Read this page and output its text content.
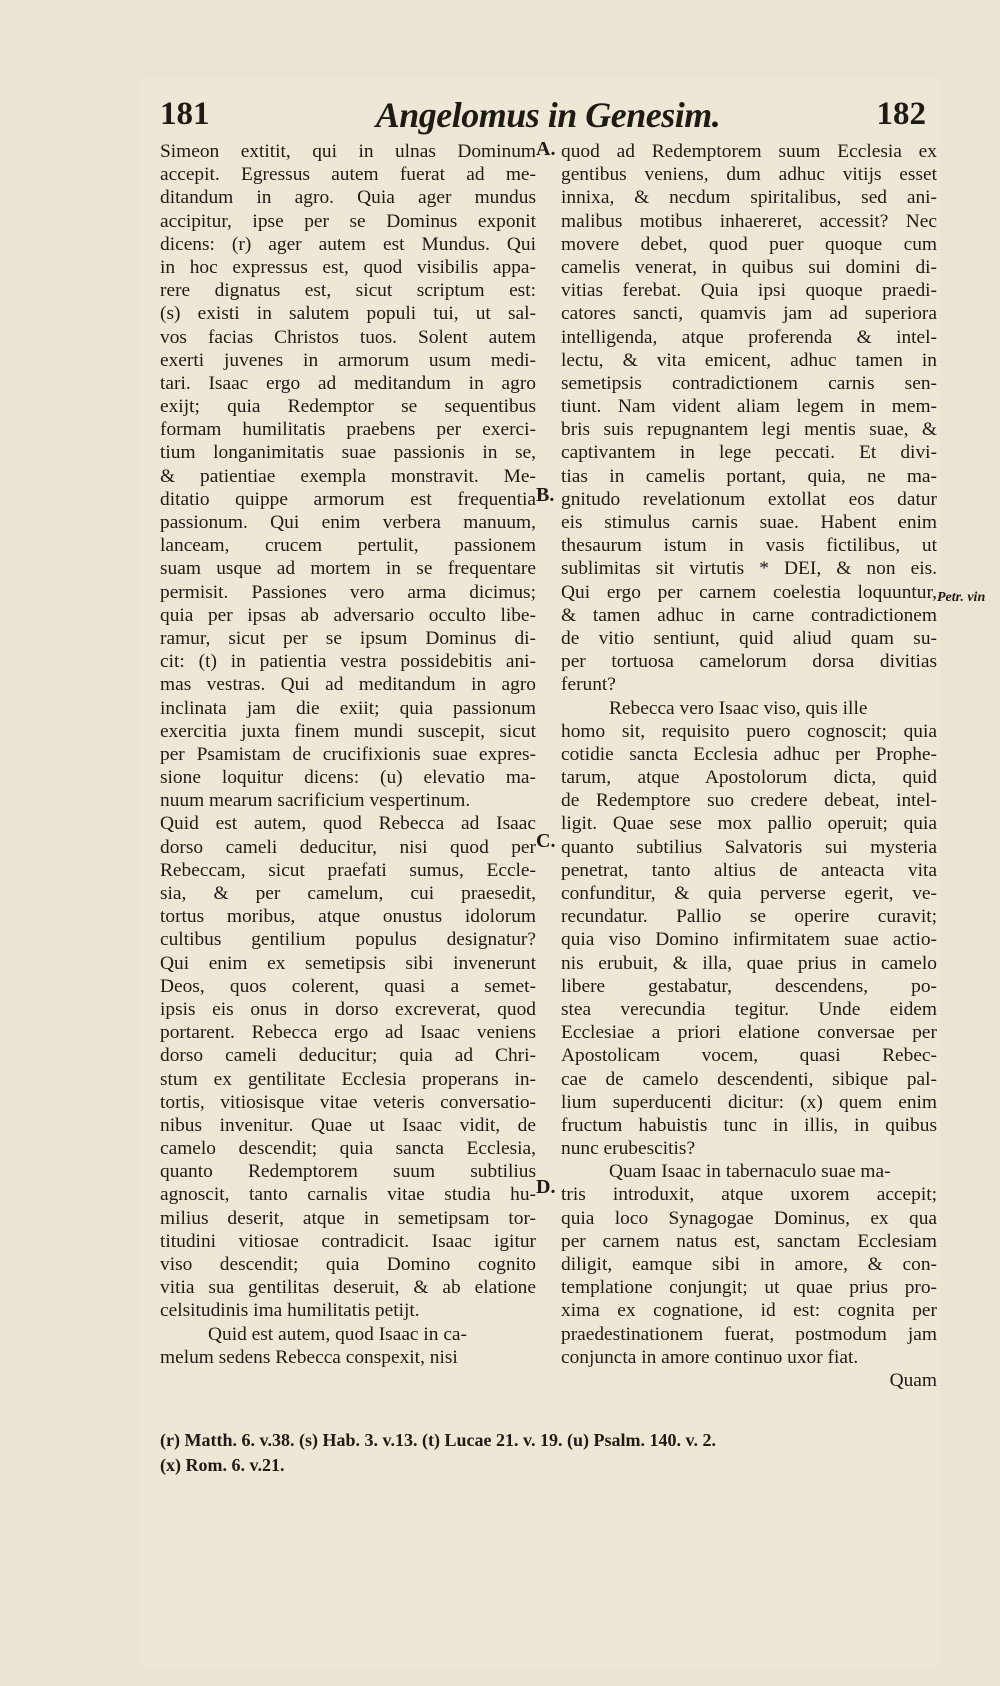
181	Angelomus in Genesim.	182
Simeon extitit, qui in ulnas Dominum
accepit. Egressus autem fuerat ad me-
ditandum in agro. Quia ager mundus
accipitur, ipse per se Dominus exponit
dicens: (r) ager autem est Mundus. Qui
in hoc expressus est, quod visibilis appa-
rere dignatus est, sicut scriptum est:
(s) existi in salutem populi tui, ut sal-
vos facias Christos tuos. Solent autem
exerti juvenes in armorum usum medi-
tari. Isaac ergo ad meditandum in agro
exijt; quia Redemptor se sequentibus
formam humilitatis praebens per exerci-
tium longanimitatis suae passionis in se,
& patientiae exempla monstravit. Me-
ditatio quippe armorum est frequentia
passionum. Qui enim verbera manuum,
lanceam, crucem pertulit, passionem
suam usque ad mortem in se frequentare
permisit. Passiones vero arma dicimus;
quia per ipsas ab adversario occulto libe-
ramur, sicut per se ipsum Dominus di-
cit: (t) in patientia vestra possidebitis ani-
mas vestras. Qui ad meditandum in agro
inclinata jam die exiit; quia passionum
exercitia juxta finem mundi suscepit, sicut
per Psamistam de crucifixionis suae expres-
sione loquitur dicens: (u) elevatio ma-
nuum mearum sacrificium vespertinum.
Quid est autem, quod Rebecca ad Isaac
dorso cameli deducitur, nisi quod per
Rebeccam, sicut praefati sumus, Eccle-
sia, & per camelum, cui praesedit,
tortus moribus, atque onustus idolorum
cultibus gentilium populus designatur?
Qui enim ex semetipsis sibi invenerunt
Deos, quos colerent, quasi a semet-
ipsis eis onus in dorso excreverat, quod
portarent. Rebecca ergo ad Isaac veniens
dorso cameli deducitur; quia ad Chri-
stum ex gentilitate Ecclesia properans in-
tortis, vitiosisque vitae veteris conversatio-
nibus invenitur. Quae ut Isaac vidit, de
camelo descendit; quia sancta Ecclesia,
quanto Redemptorem suum subtilius
agnoscit, tanto carnalis vitae studia hu-
milius deserit, atque in semetipsam tor-
titudini vitiosae contradicit. Isaac igitur
viso descendit; quia Domino cognito
vitia sua gentilitas deseruit, & ab elatione
celsitudinis ima humilitatis petijt.
Quid est autem, quod Isaac in ca-
melum sedens Rebecca conspexit, nisi
quod ad Redemptorem suum Ecclesia ex
gentibus veniens, dum adhuc vitijs esset
innixa, & necdum spiritalibus, sed ani-
malibus motibus inhaereret, accessit? Nec
movere debet, quod puer quoque cum
camelis venerat, in quibus sui domini di-
vitias ferebat. Quia ipsi quoque praedi-
catores sancti, quamvis jam ad superiora
intelligenda, atque proferenda & intel-
lectu, & vita emicent, adhuc tamen in
semetipsis contradictionem carnis sen-
tiunt. Nam vident aliam legem in mem-
bris suis repugnantem legi mentis suae, &
captivantem in lege peccati. Et divi-
tias in camelis portant, quia, ne ma-
gnitudo revelationum extollat eos datur
eis stimulus carnis suae. Habent enim
thesaurum istum in vasis fictilibus, ut
sublimitas sit virtutis * DEI, & non eis.
Qui ergo per carnem coelestia loquuntur,
& tamen adhuc in carne contradictionem
de vitio sentiunt, quid aliud quam su-
per tortuosa camelorum dorsa divitias
ferunt?
Rebecca vero Isaac viso, quis ille
homo sit, requisito puero cognoscit; quia
cotidie sancta Ecclesia adhuc per Prophe-
tarum, atque Apostolorum dicta, quid
de Redemptore suo credere debeat, intel-
ligit. Quae sese mox pallio operuit; quia
quanto subtilius Salvatoris sui mysteria
penetrat, tanto altius de anteacta vita
confunditur, & quia perverse egerit, ve-
recundatur. Pallio se operire curavit;
quia viso Domino infirmitatem suae actio-
nis erubuit, & illa, quae prius in camelo
libere gestabatur, descendens, po-
stea verecundia tegitur. Unde eidem
Ecclesiae a priori elatione conversae per
Apostolicam vocem, quasi Rebec-
cae de camelo descendenti, sibique pal-
lium superducenti dicitur: (x) quem enim
fructum habuistis tunc in illis, in quibus
nunc erubescitis?
Quam Isaac in tabernaculo suae ma-
tris introduxit, atque uxorem accepit;
quia loco Synagogae Dominus, ex qua
per carnem natus est, sanctam Ecclesiam
diligit, eamque sibi in amore, & con-
templatione conjungit; ut quae prius pro-
xima ex cognatione, id est: cognita per
praedestinationem fuerat, postmodum jam
conjuncta in amore continuo uxor fiat.
Quam
A.
B.
C.
D.
Petr. vin
(r) Matth. 6. v.38. (s) Hab. 3. v.13. (t) Lucae 21. v. 19. (u) Psalm. 140. v. 2.
(x) Rom. 6. v.21.
